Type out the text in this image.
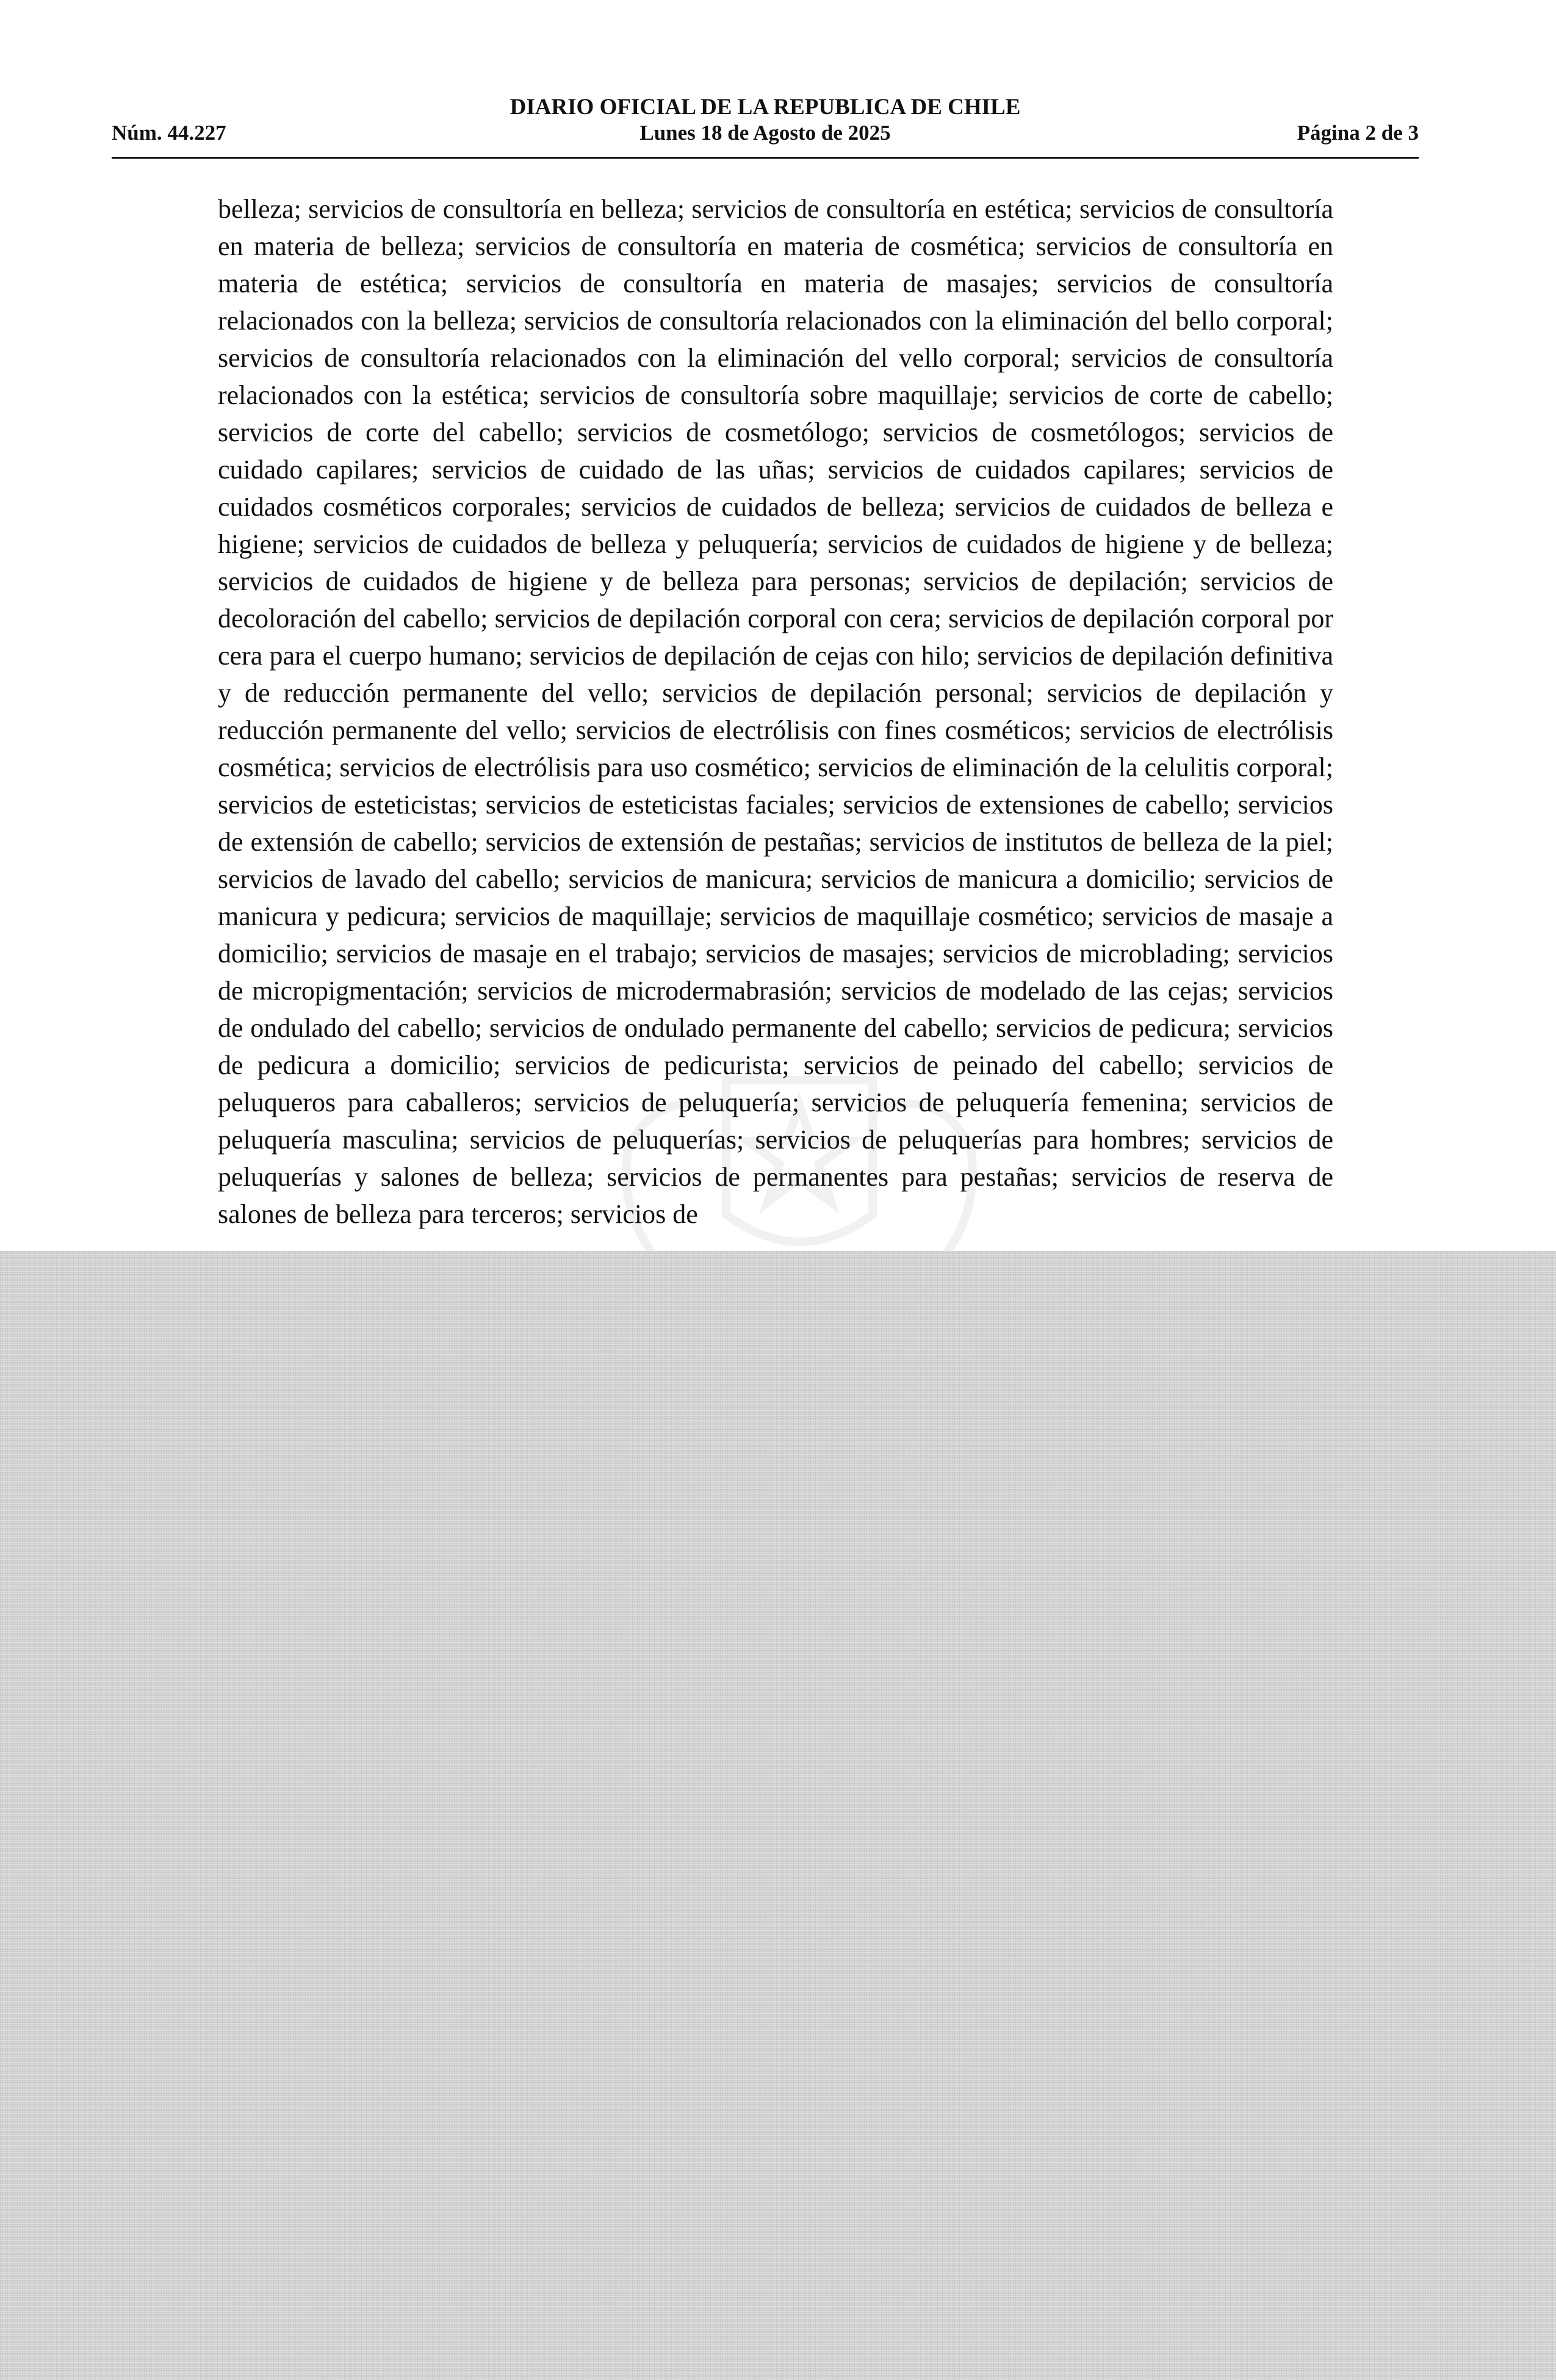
DIARIO OFICIAL DE LA REPUBLICA DE CHILE
Núm. 44.227	Lunes 18 de Agosto de 2025	Página 2 de 3

belleza; servicios de consultoría en belleza; servicios de consultoría en estética; servicios de consultoría en materia de belleza; servicios de consultoría en materia de cosmética; servicios de consultoría en materia de estética; servicios de consultoría en materia de masajes; servicios de consultoría relacionados con la belleza; servicios de consultoría relacionados con la eliminación del bello corporal; servicios de consultoría relacionados con la eliminación del vello corporal; servicios de consultoría relacionados con la estética; servicios de consultoría sobre maquillaje; servicios de corte de cabello; servicios de corte del cabello; servicios de cosmetólogo; servicios de cosmetólogos; servicios de cuidado capilares; servicios de cuidado de las uñas; servicios de cuidados capilares; servicios de cuidados cosméticos corporales; servicios de cuidados de belleza; servicios de cuidados de belleza e higiene; servicios de cuidados de belleza y peluquería; servicios de cuidados de higiene y de belleza; servicios de cuidados de higiene y de belleza para personas; servicios de depilación; servicios de decoloración del cabello; servicios de depilación corporal con cera; servicios de depilación corporal por cera para el cuerpo humano; servicios de depilación de cejas con hilo; servicios de depilación definitiva y de reducción permanente del vello; servicios de depilación personal; servicios de depilación y reducción permanente del vello; servicios de electrólisis con fines cosméticos; servicios de electrólisis cosmética; servicios de electrólisis para uso cosmético; servicios de eliminación de la celulitis corporal; servicios de esteticistas; servicios de esteticistas faciales; servicios de extensiones de cabello; servicios de extensión de cabello; servicios de extensión de pestañas; servicios de institutos de belleza de la piel; servicios de lavado del cabello; servicios de manicura; servicios de manicura a domicilio; servicios de manicura y pedicura; servicios de maquillaje; servicios de maquillaje cosmético; servicios de masaje a domicilio; servicios de masaje en el trabajo; servicios de masajes; servicios de microblading; servicios de micropigmentación; servicios de microdermabrasión; servicios de modelado de las cejas; servicios de ondulado del cabello; servicios de ondulado permanente del cabello; servicios de pedicura; servicios de pedicura a domicilio; servicios de pedicurista; servicios de peinado del cabello; servicios de peluqueros para caballeros; servicios de peluquería; servicios de peluquería femenina; servicios de peluquería masculina; servicios de peluquerías; servicios de peluquerías para hombres; servicios de peluquerías y salones de belleza; servicios de permanentes para pestañas; servicios de reserva de salones de belleza para terceros; servicios de
